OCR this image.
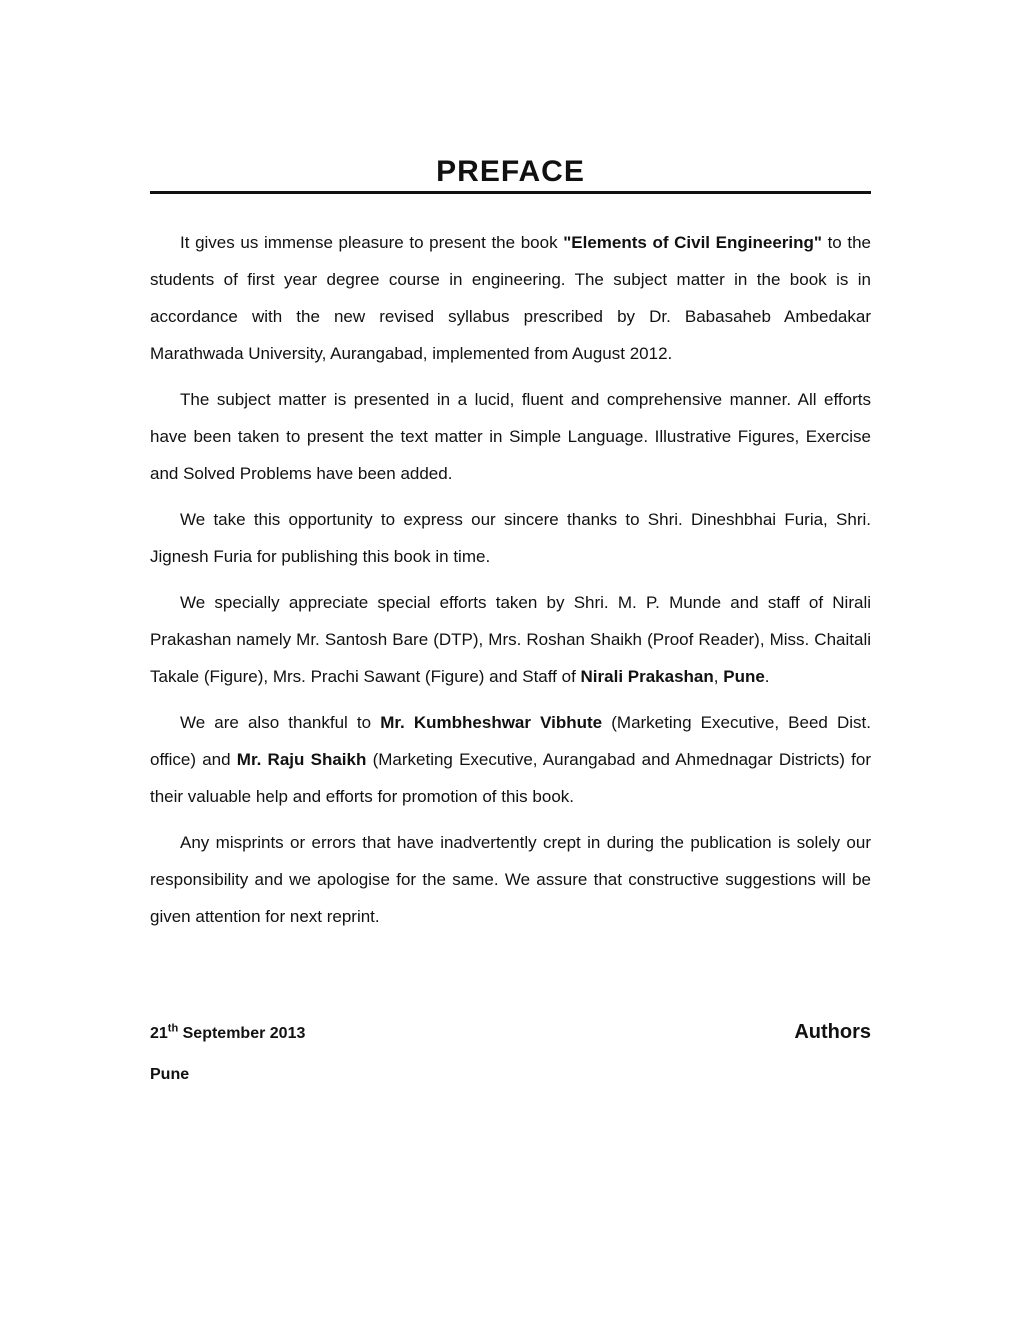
PREFACE

It gives us immense pleasure to present the book "Elements of Civil Engineering" to the students of first year degree course in engineering. The subject matter in the book is in accordance with the new revised syllabus prescribed by Dr. Babasaheb Ambedakar Marathwada University, Aurangabad, implemented from August 2012.

The subject matter is presented in a lucid, fluent and comprehensive manner. All efforts have been taken to present the text matter in Simple Language. Illustrative Figures, Exercise and Solved Problems have been added.

We take this opportunity to express our sincere thanks to Shri. Dineshbhai Furia, Shri. Jignesh Furia for publishing this book in time.

We specially appreciate special efforts taken by Shri. M. P. Munde and staff of Nirali Prakashan namely Mr. Santosh Bare (DTP), Mrs. Roshan Shaikh (Proof Reader), Miss. Chaitali Takale (Figure), Mrs. Prachi Sawant (Figure) and Staff of Nirali Prakashan, Pune.

We are also thankful to Mr. Kumbheshwar Vibhute (Marketing Executive, Beed Dist. office) and Mr. Raju Shaikh (Marketing Executive, Aurangabad and Ahmednagar Districts) for their valuable help and efforts for promotion of this book.

Any misprints or errors that have inadvertently crept in during the publication is solely our responsibility and we apologise for the same. We assure that constructive suggestions will be given attention for next reprint.

21th September 2013	Authors
Pune
